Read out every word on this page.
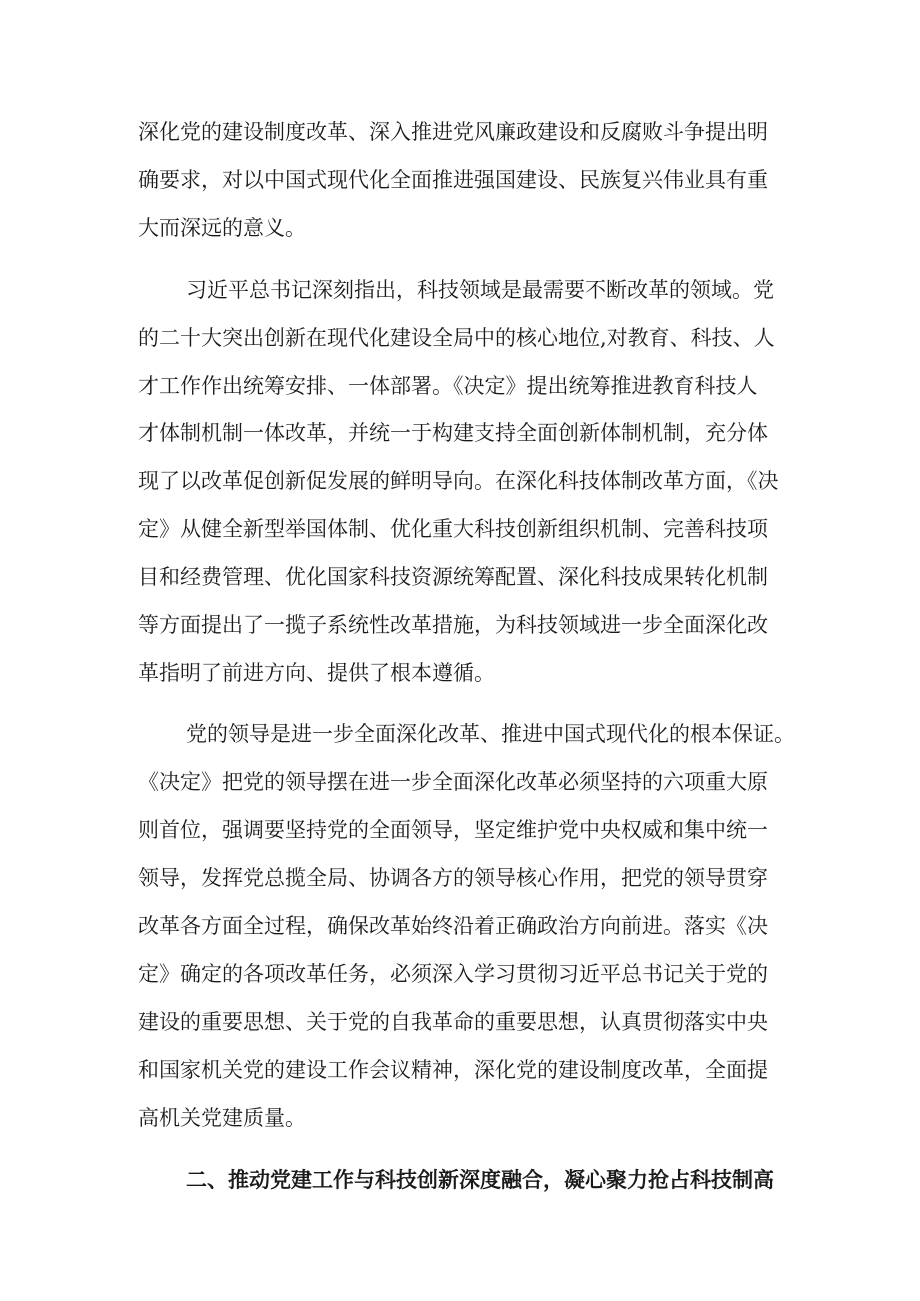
深化党的建设制度改革、深入推进党风廉政建设和反腐败斗争提出明
确要求，对以中国式现代化全面推进强国建设、民族复兴伟业具有重
大而深远的意义。
习近平总书记深刻指出，科技领域是最需要不断改革的领域。党
的二十大突出创新在现代化建设全局中的核心地位,对教育、科技、人
才工作作出统筹安排、一体部署。《决定》提出统筹推进教育科技人
才体制机制一体改革，并统一于构建支持全面创新体制机制，充分体
现了以改革促创新促发展的鲜明导向。在深化科技体制改革方面，《决
定》从健全新型举国体制、优化重大科技创新组织机制、完善科技项
目和经费管理、优化国家科技资源统筹配置、深化科技成果转化机制
等方面提出了一揽子系统性改革措施，为科技领域进一步全面深化改
革指明了前进方向、提供了根本遵循。
党的领导是进一步全面深化改革、推进中国式现代化的根本保证。
《决定》把党的领导摆在进一步全面深化改革必须坚持的六项重大原
则首位，强调要坚持党的全面领导，坚定维护党中央权威和集中统一
领导，发挥党总揽全局、协调各方的领导核心作用，把党的领导贯穿
改革各方面全过程，确保改革始终沿着正确政治方向前进。落实《决
定》确定的各项改革任务，必须深入学习贯彻习近平总书记关于党的
建设的重要思想、关于党的自我革命的重要思想，认真贯彻落实中央
和国家机关党的建设工作会议精神，深化党的建设制度改革，全面提
高机关党建质量。
二、推动党建工作与科技创新深度融合，凝心聚力抢占科技制高
